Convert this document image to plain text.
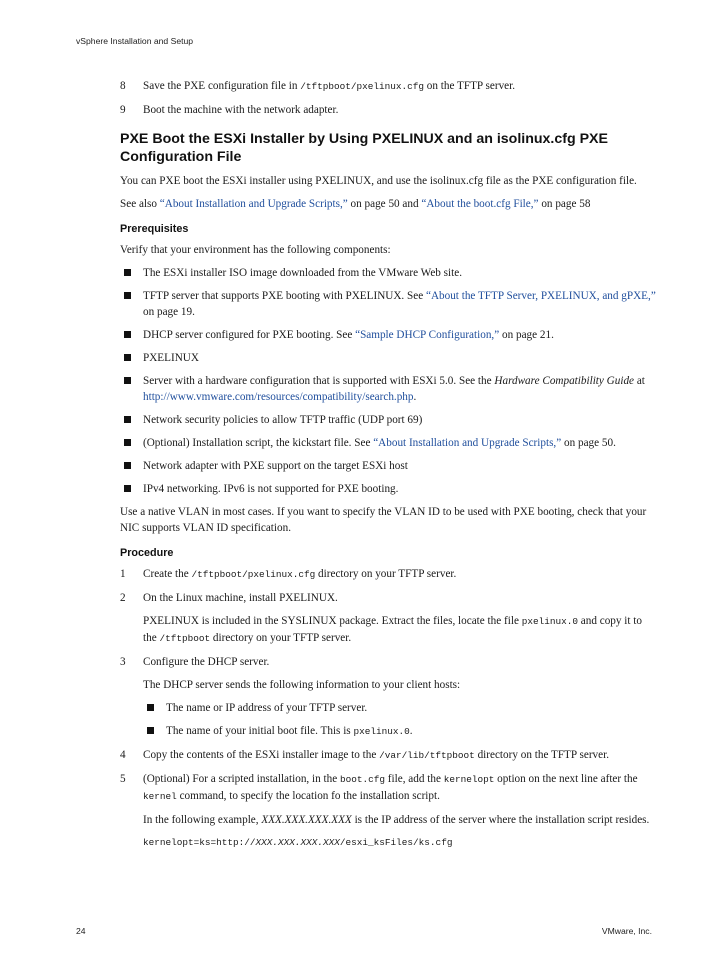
vSphere Installation and Setup
8	Save the PXE configuration file in /tftpboot/pxelinux.cfg on the TFTP server.
9	Boot the machine with the network adapter.
PXE Boot the ESXi Installer by Using PXELINUX and an isolinux.cfg PXE Configuration File
You can PXE boot the ESXi installer using PXELINUX, and use the isolinux.cfg file as the PXE configuration file.
See also “About Installation and Upgrade Scripts,” on page 50 and “About the boot.cfg File,” on page 58
Prerequisites
Verify that your environment has the following components:
The ESXi installer ISO image downloaded from the VMware Web site.
TFTP server that supports PXE booting with PXELINUX. See “About the TFTP Server, PXELINUX, and gPXE,” on page 19.
DHCP server configured for PXE booting. See “Sample DHCP Configuration,” on page 21.
PXELINUX
Server with a hardware configuration that is supported with ESXi 5.0. See the Hardware Compatibility Guide at http://www.vmware.com/resources/compatibility/search.php.
Network security policies to allow TFTP traffic (UDP port 69)
(Optional) Installation script, the kickstart file. See “About Installation and Upgrade Scripts,” on page 50.
Network adapter with PXE support on the target ESXi host
IPv4 networking. IPv6 is not supported for PXE booting.
Use a native VLAN in most cases. If you want to specify the VLAN ID to be used with PXE booting, check that your NIC supports VLAN ID specification.
Procedure
1	Create the /tftpboot/pxelinux.cfg directory on your TFTP server.
2	On the Linux machine, install PXELINUX.
PXELINUX is included in the SYSLINUX package. Extract the files, locate the file pxelinux.0 and copy it to the /tftpboot directory on your TFTP server.
3	Configure the DHCP server.
The DHCP server sends the following information to your client hosts:
The name or IP address of your TFTP server.
The name of your initial boot file. This is pxelinux.0.
4	Copy the contents of the ESXi installer image to the /var/lib/tftpboot directory on the TFTP server.
5	(Optional) For a scripted installation, in the boot.cfg file, add the kernelopt option on the next line after the kernel command, to specify the location fo the installation script.
In the following example, XXX.XXX.XXX.XXX is the IP address of the server where the installation script resides.
kernelopt=ks=http://XXX.XXX.XXX.XXX/esxi_ksFiles/ks.cfg
24	VMware, Inc.
